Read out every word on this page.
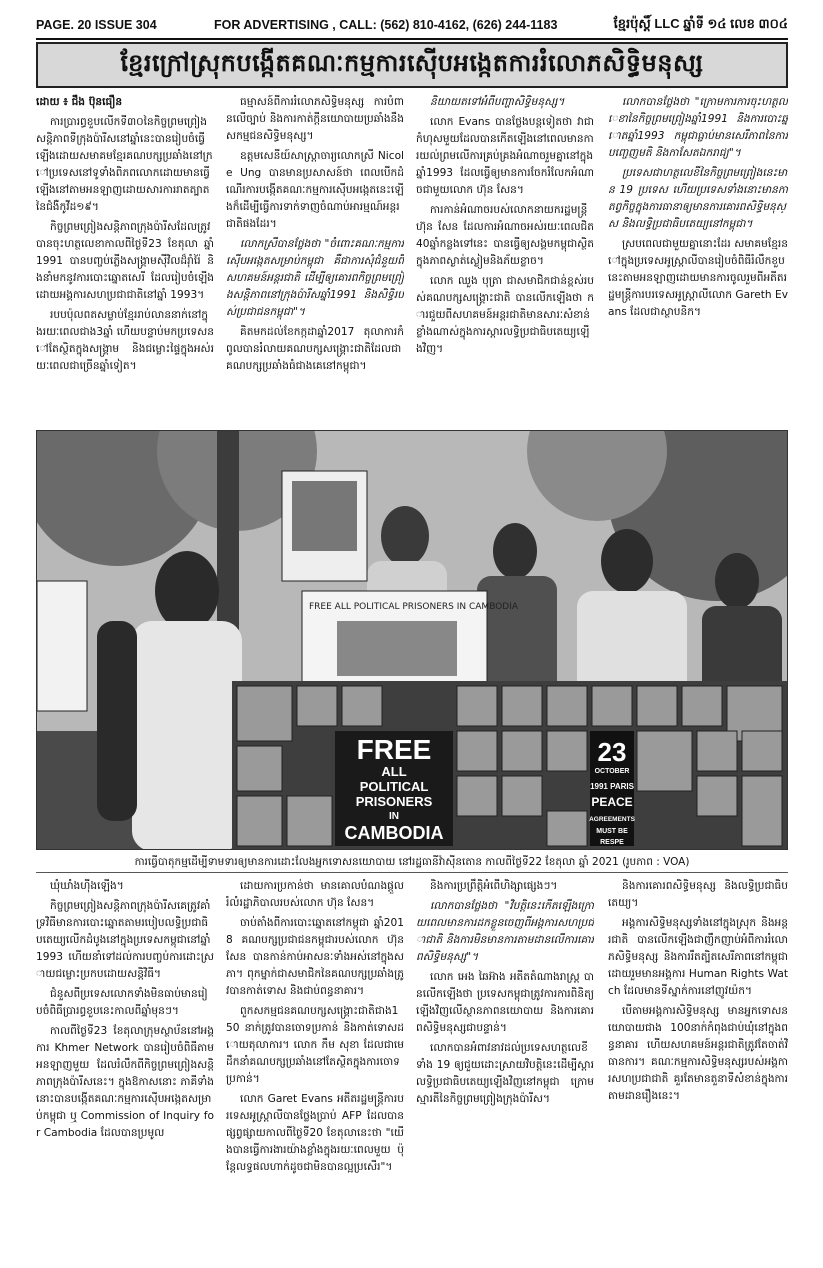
PAGE. 20 ISSUE 304	FOR ADVERTISING , CALL: (562) 810-4162, (626) 244-1183	ខ្មែរប៉ុស្តិ៍ LLC ឆ្នាំទី ១៤ លេខ ៣០៤
ខ្មែរក្រៅស្រុកបង្កើតគណៈកម្មការស៊ើបអង្កេតការរំលោភសិទ្ធិមនុស្ស

ដោយ ៖ ជឹង ប៊ុនធឿន

ការប្រារព្ធខួបលើកទី៣០នៃកិច្ចព្រមព្រៀងសន្តិភាពទីក្រុងប៉ារីសនៅឆ្នាំនេះបានរៀបចំធ្វើឡើងដោយសមាគមខ្មែរគណបក្សប្រឆាំងនៅក្រៅប្រទេសនៅទូទាំងពិភពលោកដោយមានធ្វើឡើងនៅតាមអនឡាញដោយសារការរាតត្បាតនៃជំងឺកូវីដ១៩។

កិច្ចព្រមព្រៀងសន្តិភាពក្រុងប៉ារីសដែលត្រូវបានចុះហត្ថលេខាកាលពីថ្ងៃទី23 ខែតុលា ឆ្នាំ1991 បានបញ្ចប់ភ្លើងសង្គ្រាមស៊ីវិលដ៏រ៉ាំរ៉ៃ និងនាំមកនូវការបោះឆ្នោតសេរី ដែលរៀបចំឡើងដោយអង្គការសហប្រជាជាតិនៅឆ្នាំ 1993។

របបប៉ុលពតសម្លាប់ខ្មែររាប់លាននាក់នៅក្នុងរយៈពេលជាង3ឆ្នាំ ហើយបន្ទាប់មកប្រទេសនៅតែស្ថិតក្នុងសង្គ្រាម និងជម្លោះផ្ទៃក្នុងអស់រយៈពេលជាច្រើនឆ្នាំទៀត។

ធម្មាសន៍ពីការរំលោភសិទ្ធិមនុស្ស ការបំពានលើច្បាប់ និងការកាត់ក្តីនយោបាយប្រឆាំងនឹងសកម្មជនសិទ្ធិមនុស្ស។

ឧត្តមសេនីយ៍សាស្ត្រាចារ្យលោកស្រី Nicole Ung បានមានប្រសាសន៍ថា ពេលបើកដំណើរការបង្កើតគណៈកម្មការស៊ើបអង្កេតនេះឡើងក៏ដើម្បីធ្វើការទាក់ទាញចំណាប់អារម្មណ៍អន្តរជាតិផងដែរ។

លោកស្រីបានថ្លែងថា "ចំពោះគណៈកម្មការស៊ើបអង្កេតសម្រាប់កម្ពុជា គឺជាការសុំជំនួយពីសហគមន៍អន្តរជាតិ ដើម្បីឲ្យគោរពកិច្ចព្រមព្រៀងសន្តិភាពនៅក្រុងប៉ារីសឆ្នាំ1991 និងសិទ្ធិរបស់ប្រជាជនកម្ពុជា"។

គិតមកដល់ខែកក្កដាឆ្នាំ2017 តុលាការកំពូលបានរំលាយគណបក្សសង្គ្រោះជាតិដែលជាគណបក្សប្រឆាំងធំជាងគេនៅកម្ពុជា។

និយាយតទៅអំពីបញ្ហាសិទ្ធិមនុស្ស។

លោក Evans បានថ្លែងបន្តទៀតថា វាជាកំហុសមួយដែលបានកើតឡើងនៅពេលមានការយល់ព្រមលើការគ្រប់គ្រងអំណាចរួមគ្នានៅក្នុងឆ្នាំ1993 ដែលធ្វើឲ្យមានការចែករំលែកអំណាចជាមួយលោក ហ៊ុន សែន។

ការកាន់អំណាចរបស់លោកនាយករដ្ឋមន្ត្រី ហ៊ុន សែន ដែលការអំណាចអស់រយៈពេលជិត 40ឆ្នាំកន្លងទៅនេះ បានធ្វើឲ្យសង្គមកម្ពុជាស្ថិតក្នុងភាពស្ងាត់ស្ងៀមនិងភ័យខ្លាច។

លោក ឈួង បុត្រា ជាសមាជិកជាន់ខ្ពស់របស់គណបក្សសង្គ្រោះជាតិ បានលើកឡើងថា ការជួយពីសហគមន៍អន្តរជាតិមានសារៈសំខាន់ខ្លាំងណាស់ក្នុងការស្តារលទ្ធិប្រជាធិបតេយ្យឡើងវិញ។

លោកបានថ្លែងថា "ក្រោមការការចុះហត្ថលេខានៃកិច្ចព្រមព្រៀងឆ្នាំ1991 និងការបោះឆ្នោតឆ្នាំ1993 កម្ពុជាធ្លាប់មានសេរីភាពនៃការបញ្ចេញមតិ និងកាសែតឯករាជ្យ"។

ប្រទេសជាហត្ថលេខីនៃកិច្ចព្រមព្រៀងនេះមាន 19 ប្រទេស ហើយប្រទេសទាំងនោះមានកាតព្វកិច្ចក្នុងការធានាឲ្យមានការគោរពសិទ្ធិមនុស្ស និងលទ្ធិប្រជាធិបតេយ្យនៅកម្ពុជា។

ស្របពេលជាមួយគ្នានោះដែរ សមាគមខ្មែរនៅក្នុងប្រទេសអូស្ត្រាលីបានរៀបចំពិធីរំលឹកខួបនេះតាមអនឡាញដោយមានការចូលរួមពីអតីតរដ្ឋមន្ត្រីការបរទេសអូស្ត្រាលីលោក Gareth Evans ដែលជាស្ថាបនិក។

FREE ALL POLITICAL PRISONERS IN CAMBODIA
FREE
ALL
POLITICAL
PRISONERS
IN
CAMBODIA
23
OCTOBER
1991 PARIS
PEACE
AGREEMENTS
MUST BE
RESPE
ការធ្វើបាតុកម្មដើម្បីទាមទារឲ្យមានការដោះលែងអ្នកទោសនយោបាយ នៅរដ្ឋធានីវ៉ាស៊ីនតោន កាលពីថ្ងៃទី22 ខែតុលា ឆ្នាំ 2021 (រូបភាព : VOA)

ឃុំឃាំងហ៊ីងឡើង។

កិច្ចព្រមព្រៀងសន្តិភាពក្រុងប៉ារីសគេត្រូវគាំទ្រវិធីមានការបោះឆ្នោតតាមរបៀបលទ្ធិប្រជាធិបតេយ្យលើកដំបូងនៅក្នុងប្រទេសកម្ពុជានៅឆ្នាំ1993 ហើយនាំទៅដល់ការបញ្ចប់ការដោះស្រាយជម្លោះប្រកបដោយសន្តិវិធី។

ជំនួសពីប្រទេសលោកទាំងមិនធាប់មានរៀបចំពិធីប្រារព្ធខួបនេះកាលពីឆ្នាំមុនៗ។

កាលពីថ្ងៃទី23 ខែតុលាក្រុមស្ថាប័ននៅអង្គការ Khmer Network បានរៀបចំពិធីតាមអនឡាញមួយ ដែលរំលឹកពីកិច្ចព្រមព្រៀងសន្តិភាពក្រុងប៉ារីសនេះ។ ក្នុងឱកាសនោះ ភាគីទាំងនោះបានបង្កើតគណៈកម្មការស៊ើបអង្កេតសម្រាប់កម្ពុជា ឬ Commission of Inquiry for Cambodia ដែលបានប្រមូល

ដោយការប្រកាន់ថា មានគោលបំណងផ្តួលរំលំរដ្ឋាភិបាលរបស់លោក ហ៊ុន សែន។

ចាប់តាំងពីការបោះឆ្នោតនៅកម្ពុជា ឆ្នាំ2018 គណបក្សប្រជាជនកម្ពុជារបស់លោក ហ៊ុន សែន បានកាន់កាប់អាសនៈទាំងអស់នៅក្នុងសភា។ ពុកម្នាក់ជាសមាជិកនៃគណបក្សប្រឆាំងត្រូវបានកាត់ទោស និងជាប់ពន្ធនាគារ។

ពួកសកម្មជនគណបក្សសង្គ្រោះជាតិជាង150 នាក់ត្រូវបានចោទប្រកាន់ និងកាត់ទោសដោយតុលាការ។ លោក កឹម សុខា ដែលជាមេដឹកនាំគណបក្សប្រឆាំងនៅតែស្ថិតក្នុងការចោទប្រកាន់។

លោក Garet Evans អតីតរដ្ឋមន្ត្រីការបរទេសអូស្ត្រាលីបានថ្លែងប្រាប់ AFP ដែលបានផ្សព្វផ្សាយកាលពីថ្ងៃទី20 ខែតុលានេះថា "យើងបានធ្វើការងារយ៉ាងខ្លាំងក្នុងរយៈពេលមួយ ប៉ុន្តែលទ្ធផលហាក់ដូចជាមិនបានល្អប្រសើរ"។

និងការប្រព្រឹត្តិអំពើហិង្សាផ្សេងៗ។

លោកបានថ្លែងថា "វិបត្តិនេះកើតឡើងក្រោយពេលមានការដកខ្លួនចេញពីអង្គការសហប្រជាជាតិ និងការមិនមានការតាមដានលើការគោរពសិទ្ធិមនុស្ស"។

លោក អេង ឆៃអ៊ាង អតីតតំណាងរាស្ត្រ បានលើកឡើងថា ប្រទេសកម្ពុជាត្រូវការការពិនិត្យឡើងវិញលើស្ថានភាពនយោបាយ និងការគោរពសិទ្ធិមនុស្សជាបន្ទាន់។

លោកបានអំពាវនាវដល់ប្រទេសហត្ថលេខីទាំង 19 ឲ្យជួយដោះស្រាយវិបត្តិនេះដើម្បីស្តារលទ្ធិប្រជាធិបតេយ្យឡើងវិញនៅកម្ពុជា ក្រោមស្មារតីនៃកិច្ចព្រមព្រៀងក្រុងប៉ារីស។

និងការគោរពសិទ្ធិមនុស្ស និងលទ្ធិប្រជាធិបតេយ្យ។

អង្គការសិទ្ធិមនុស្សទាំងនៅក្នុងស្រុក និងអន្តរជាតិ បានលើកឡើងជាញឹកញាប់អំពីការរំលោភសិទ្ធិមនុស្ស និងការរឹតត្បិតសេរីភាពនៅកម្ពុជា ដោយរួមមានអង្គការ Human Rights Watch ដែលមានទីស្នាក់ការនៅញូវយ៉ក។

បើតាមអង្គការសិទ្ធិមនុស្ស មានអ្នកទោសនយោបាយជាង 100នាក់កំពុងជាប់ឃុំនៅក្នុងពន្ធនាគារ ហើយសហគមន៍អន្តរជាតិត្រូវតែចាត់វិធានការ។ គណៈកម្មការសិទ្ធិមនុស្សរបស់អង្គការសហប្រជាជាតិ គួរតែមានតួនាទីសំខាន់ក្នុងការតាមដានរឿងនេះ។
